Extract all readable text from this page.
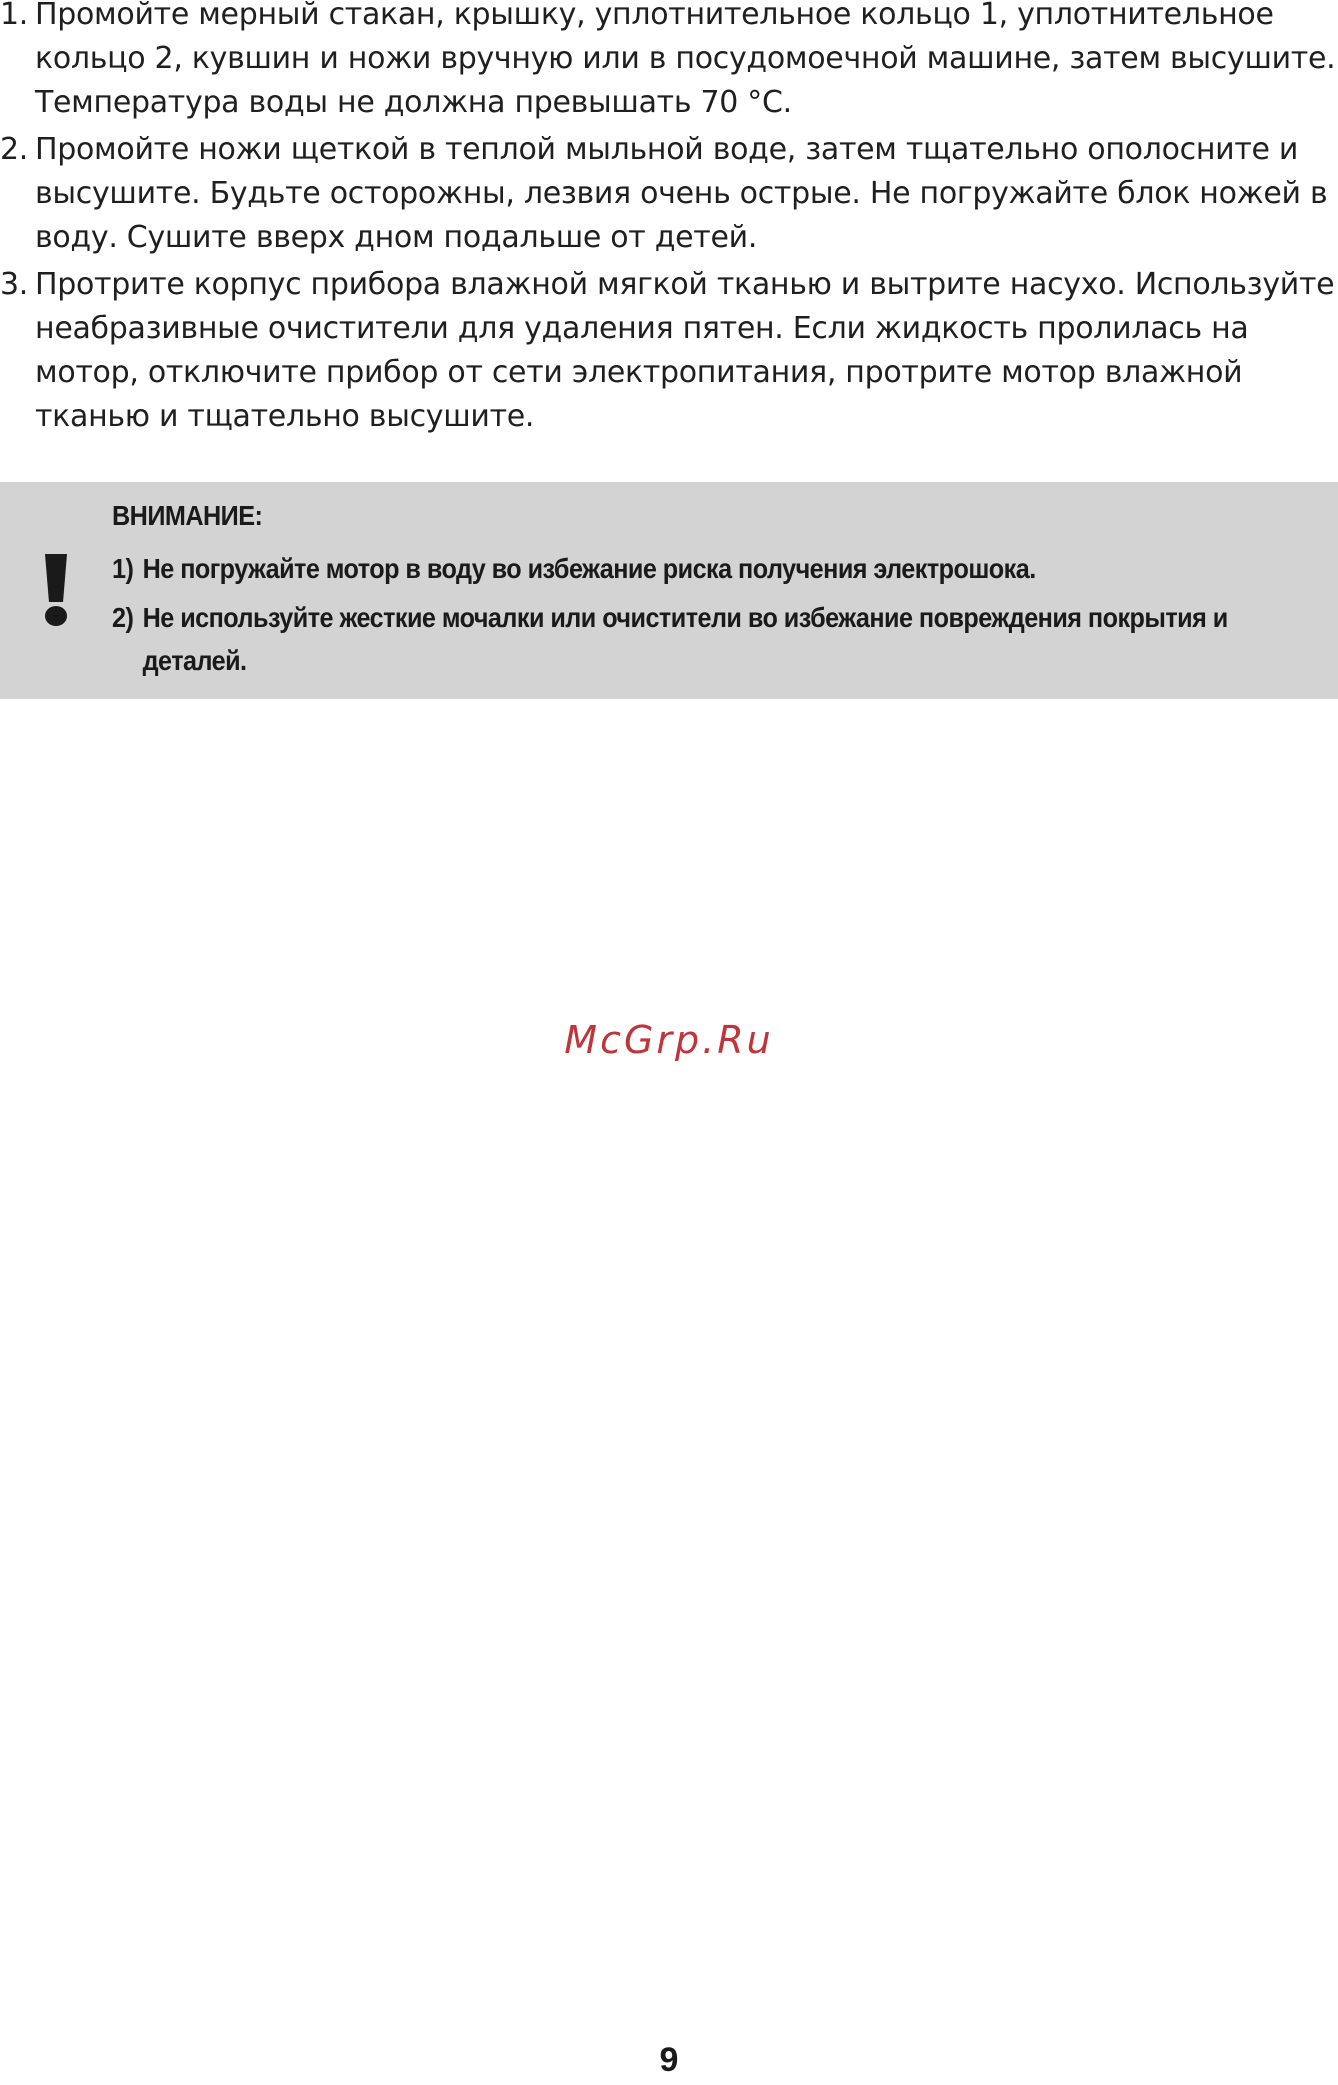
1. Промойте мерный стакан, крышку, уплотнительное кольцо 1, уплотнительное кольцо 2, кувшин и ножи вручную или в посудомоечной машине, затем высушите. Температура воды не должна превышать 70 °С.
2. Промойте ножи щеткой в теплой мыльной воде, затем тщательно ополосните и высушите. Будьте осторожны, лезвия очень острые. Не погружайте блок ножей в воду. Сушите вверх дном подальше от детей.
3. Протрите корпус прибора влажной мягкой тканью и вытрите насухо. Используйте неабразивные очистители для удаления пятен. Если жидкость пролилась на мотор, отключите прибор от сети электропитания, протрите мотор влажной тканью и тщательно высушите.
ВНИМАНИЕ:
1) Не погружайте мотор в воду во избежание риска получения электрошока.
2) Не используйте жесткие мочалки или очистители во избежание повреждения покрытия и деталей.
McGrp.Ru
9
